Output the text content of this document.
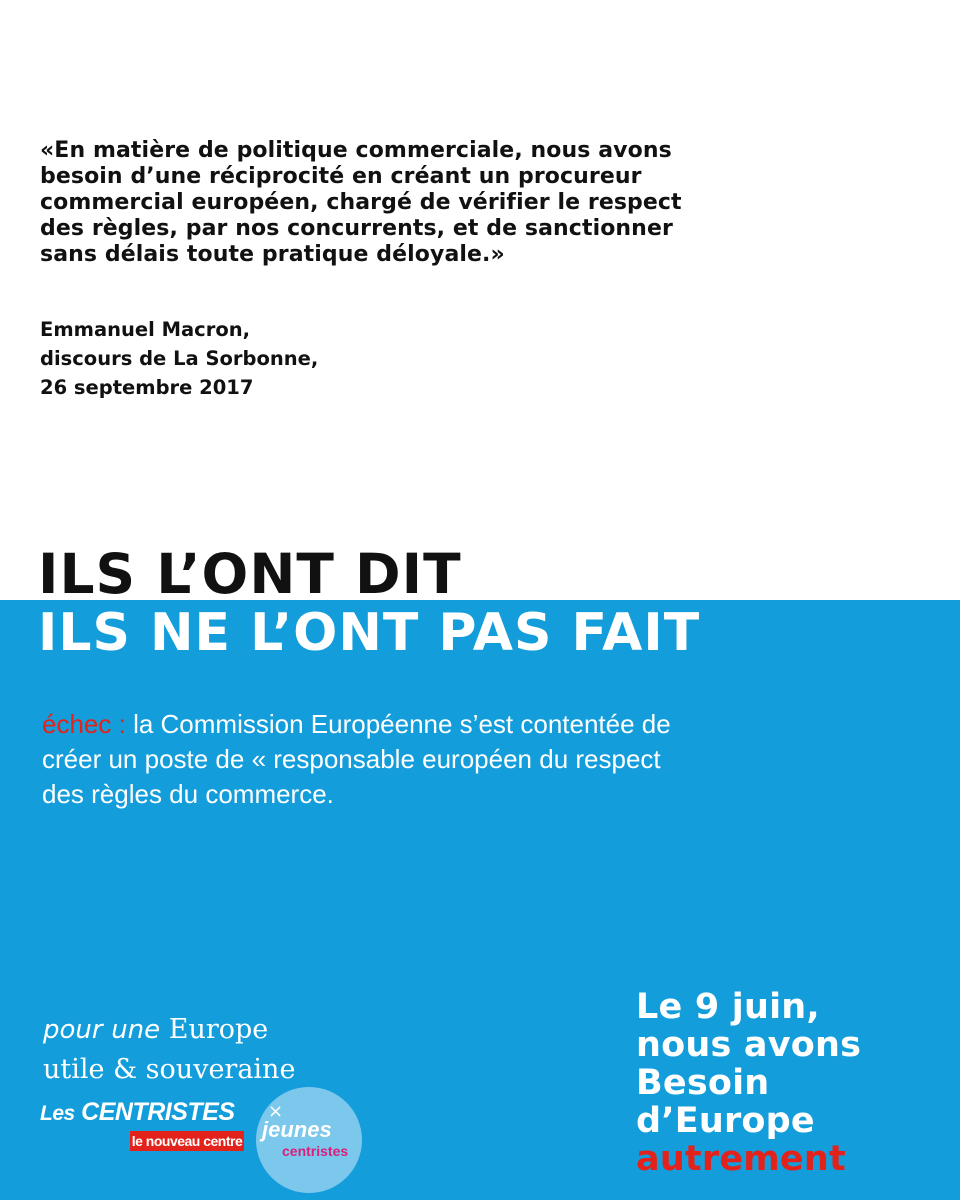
«En matière de politique commerciale, nous avons
besoin d’une réciprocité en créant un procureur
commercial européen, chargé de vérifier le respect
des règles, par nos concurrents, et de sanctionner
sans délais toute pratique déloyale.»
Emmanuel Macron,
discours de La Sorbonne,
26 septembre 2017
ILS L’ONT DIT
ILS NE L’ONT PAS FAIT
échec : la Commission Européenne s’est contentée de
créer un poste de « responsable européen du respect
des règles du commerce.
pour une Europe
utile & souveraine
Les CENTRISTES
le nouveau centre
×
jeunes
centristes
Le 9 juin,
nous avons
Besoin
d’Europe
autrement
